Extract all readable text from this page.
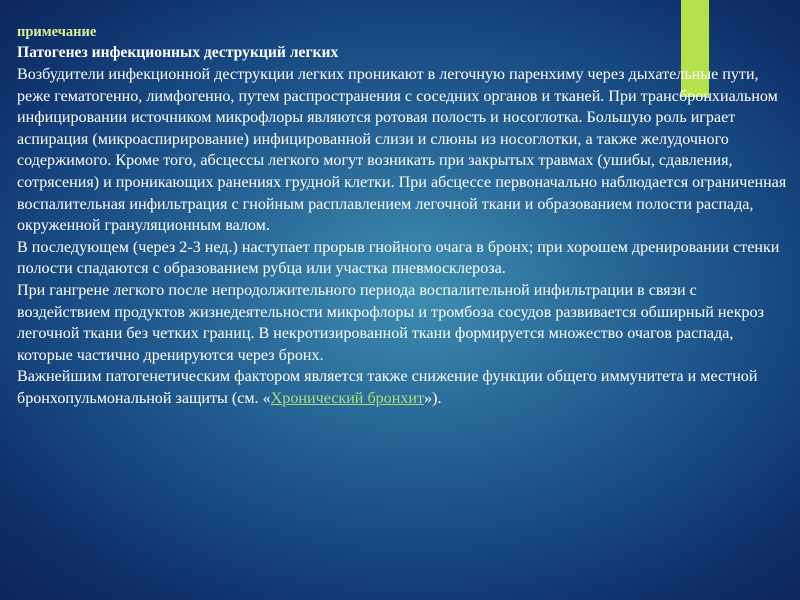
примечание
Патогенез инфекционных деструкций легких

Возбудители инфекционной деструкции легких проникают в легочную паренхиму через дыхательные пути, реже гематогенно, лимфогенно, путем распространения с соседних органов и тканей. При трансбронхиальном инфицировании источником микрофлоры являются ротовая полость и носоглотка. Большую роль играет аспирация (микроаспирирование) инфицированной слизи и слюны из носоглотки, а также желудочного содержимого. Кроме того, абсцессы легкого могут возникать при закрытых травмах (ушибы, сдавления, сотрясения) и проникающих ранениях грудной клетки. При абсцессе первоначально наблюдается ограниченная воспалительная инфильтрация с гнойным расплавлением легочной ткани и образованием полости распада, окруженной грануляционным валом.

В последующем (через 2-3 нед.) наступает прорыв гнойного очага в бронх; при хорошем дренировании стенки полости спадаются с образованием рубца или участка пневмосклероза.

При гангрене легкого после непродолжительного периода воспалительной инфильтрации в связи с воздействием продуктов жизнедеятельности микрофлоры и тромбоза сосудов развивается обширный некроз легочной ткани без четких границ. В некротизированной ткани формируется множество очагов распада, которые частично дренируются через бронх.

Важнейшим патогенетическим фактором является также снижение функции общего иммунитета и местной бронхопульмональной защиты (см. «Хронический бронхит»).
